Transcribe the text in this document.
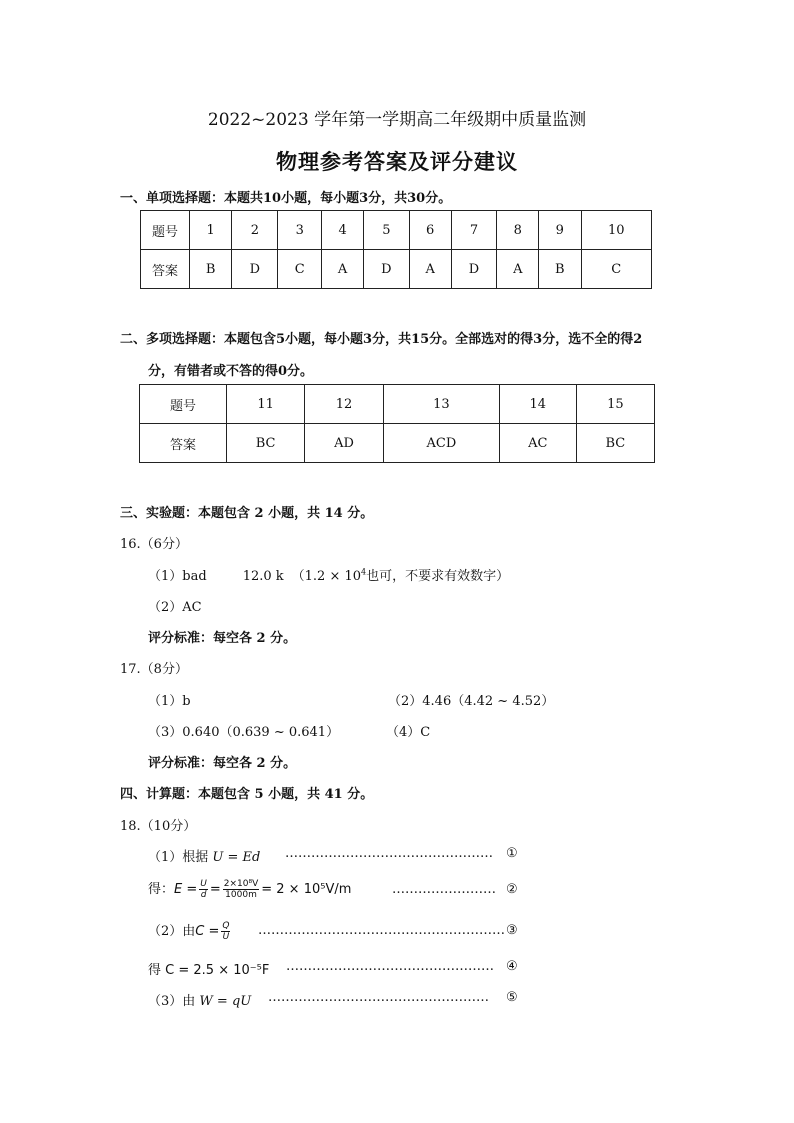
2022~2023 学年第一学期高二年级期中质量监测
物理参考答案及评分建议
一、单项选择题：本题共10小题，每小题3分，共30分。
题号	1	2	3	4	5	6	7	8	9	10
答案	B	D	C	A	D	A	D	A	B	C
二、多项选择题：本题包含5小题，每小题3分，共15分。全部选对的得3分，选不全的得2
分，有错者或不答的得0分。
题号	11	12	13	14	15
答案	BC	AD	ACD	AC	BC
三、实验题：本题包含 2 小题，共 14 分。
16.（6分）
（1）bad	12.0 k （$1.2 \times 10^4$也可，不要求有效数字）
（2）AC
评分标准：每空各 2 分。
17.（8分）
（1）b	（2）4.46（4.42 ~ 4.52）
（3）0.640（0.639 ~ 0.641）	（4）C
评分标准：每空各 2 分。
四、计算题：本题包含 5 小题，共 41 分。
18.（10分）
（1）根据 U = Ed ………………………………………… ①
得：$E = \frac{U}{d} = \frac{\text{2×10⁸V}}{1000m} = 2 \times 10^5V/m$	…………………… ②
（2）由$C = \frac{Q}{U}$ ………………………………………………… ③
得 C = 2.5 × 10⁻⁵F ………………………………………… ④
（3）由 W = qU …………………………………………… ⑤
